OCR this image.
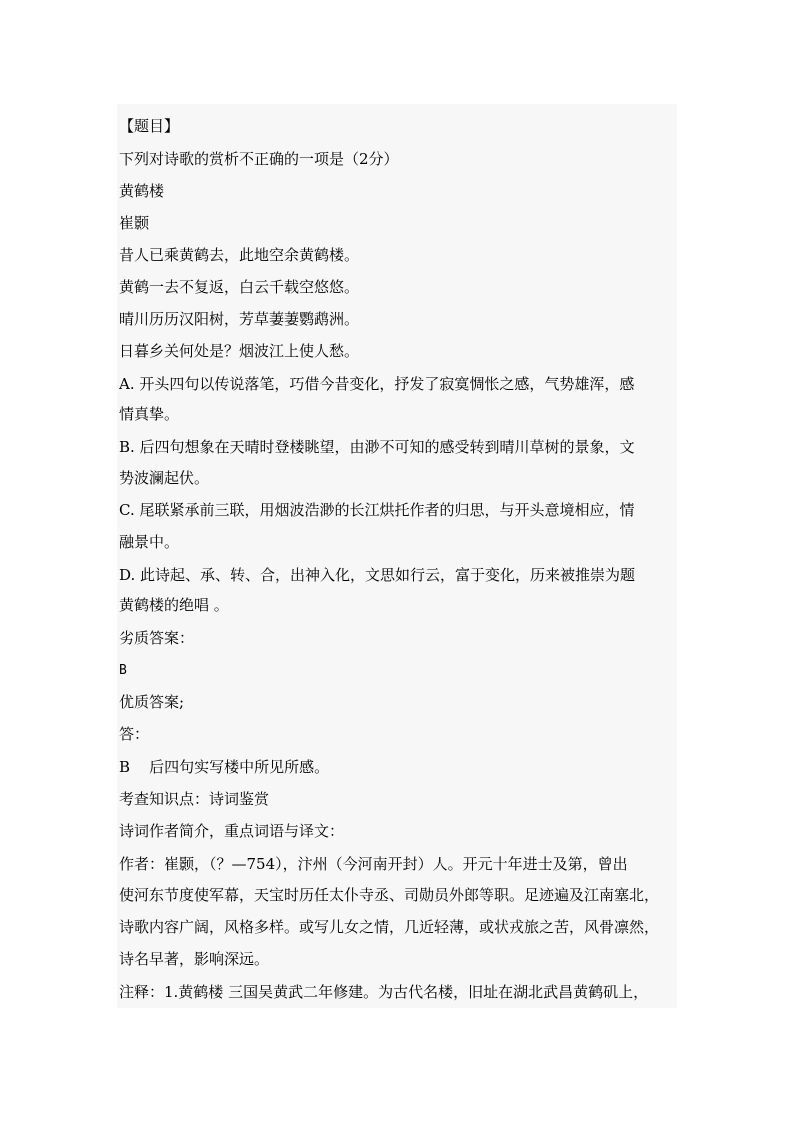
【题目】
下列对诗歌的赏析不正确的一项是（2分）
黄鹤楼
崔颢
昔人已乘黄鹤去，此地空余黄鹤楼。
黄鹤一去不复返，白云千载空悠悠。
晴川历历汉阳树，芳草萋萋鹦鹉洲。
日暮乡关何处是？烟波江上使人愁。
A. 开头四句以传说落笔，巧借今昔变化，抒发了寂寞惆怅之感，气势雄浑，感
情真挚。
B. 后四句想象在天晴时登楼眺望，由渺不可知的感受转到晴川草树的景象，文
势波澜起伏。
C. 尾联紧承前三联，用烟波浩渺的长江烘托作者的归思，与开头意境相应，情
融景中。
D. 此诗起、承、转、合，出神入化，文思如行云，富于变化，历来被推崇为题
黄鹤楼的绝唱 。
劣质答案：
B
优质答案;
答：
B    后四句实写楼中所见所感。
考查知识点：诗词鉴赏
诗词作者简介，重点词语与译文：
作者：崔颢，（？—754），汴州（今河南开封）人。开元十年进士及第，曾出
使河东节度使军幕，天宝时历任太仆寺丞、司勋员外郎等职。足迹遍及江南塞北，
诗歌内容广阔，风格多样。或写儿女之情，几近轻薄，或状戎旅之苦，风骨凛然，
诗名早著，影响深远。
注释：1.黄鹤楼 三国吴黄武二年修建。为古代名楼，旧址在湖北武昌黄鹤矶上，
